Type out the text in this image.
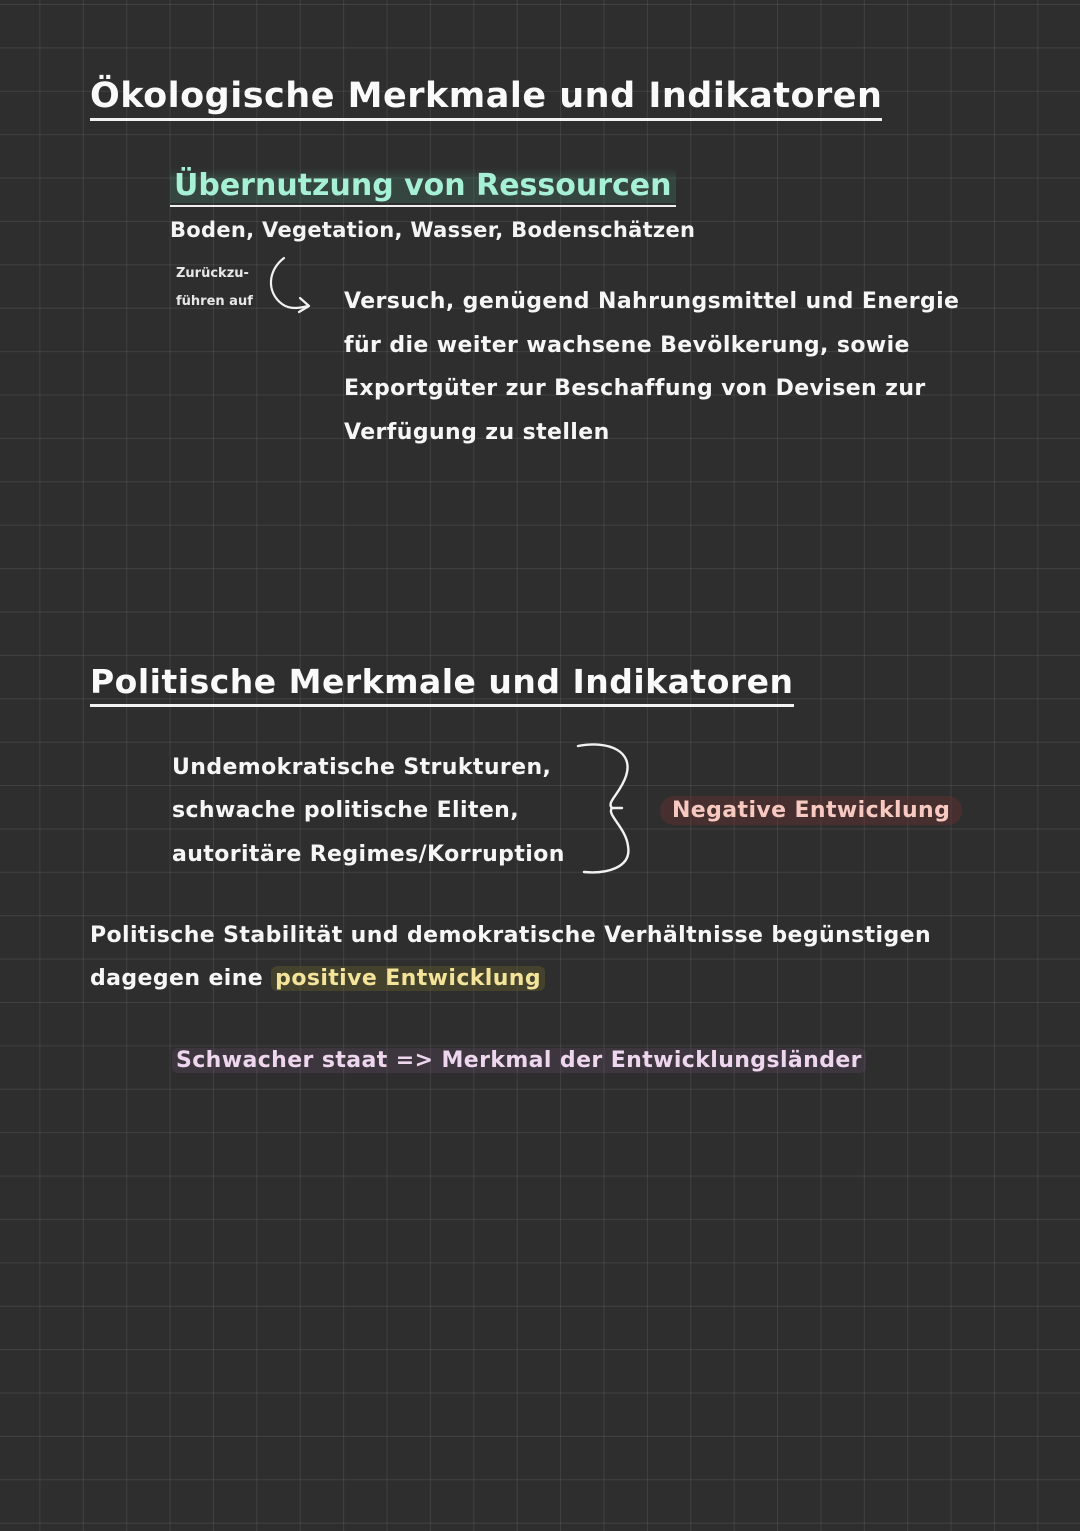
Ökologische Merkmale und Indikatoren
Übernutzung von Ressourcen
Boden, Vegetation, Wasser, Bodenschätzen
Zurückzu-
führen auf	Versuch, genügend Nahrungsmittel und Energie
für die weiter wachsene Bevölkerung, sowie
Exportgüter zur Beschaffung von Devisen zur
Verfügung zu stellen
Politische Merkmale und Indikatoren
Undemokratische Strukturen,
schwache politische Eliten,
autoritäre Regimes/Korruption
Negative Entwicklung
Politische Stabilität und demokratische Verhältnisse begünstigen
dagegen eine positive Entwicklung
Schwacher staat => Merkmal der Entwicklungsländer
